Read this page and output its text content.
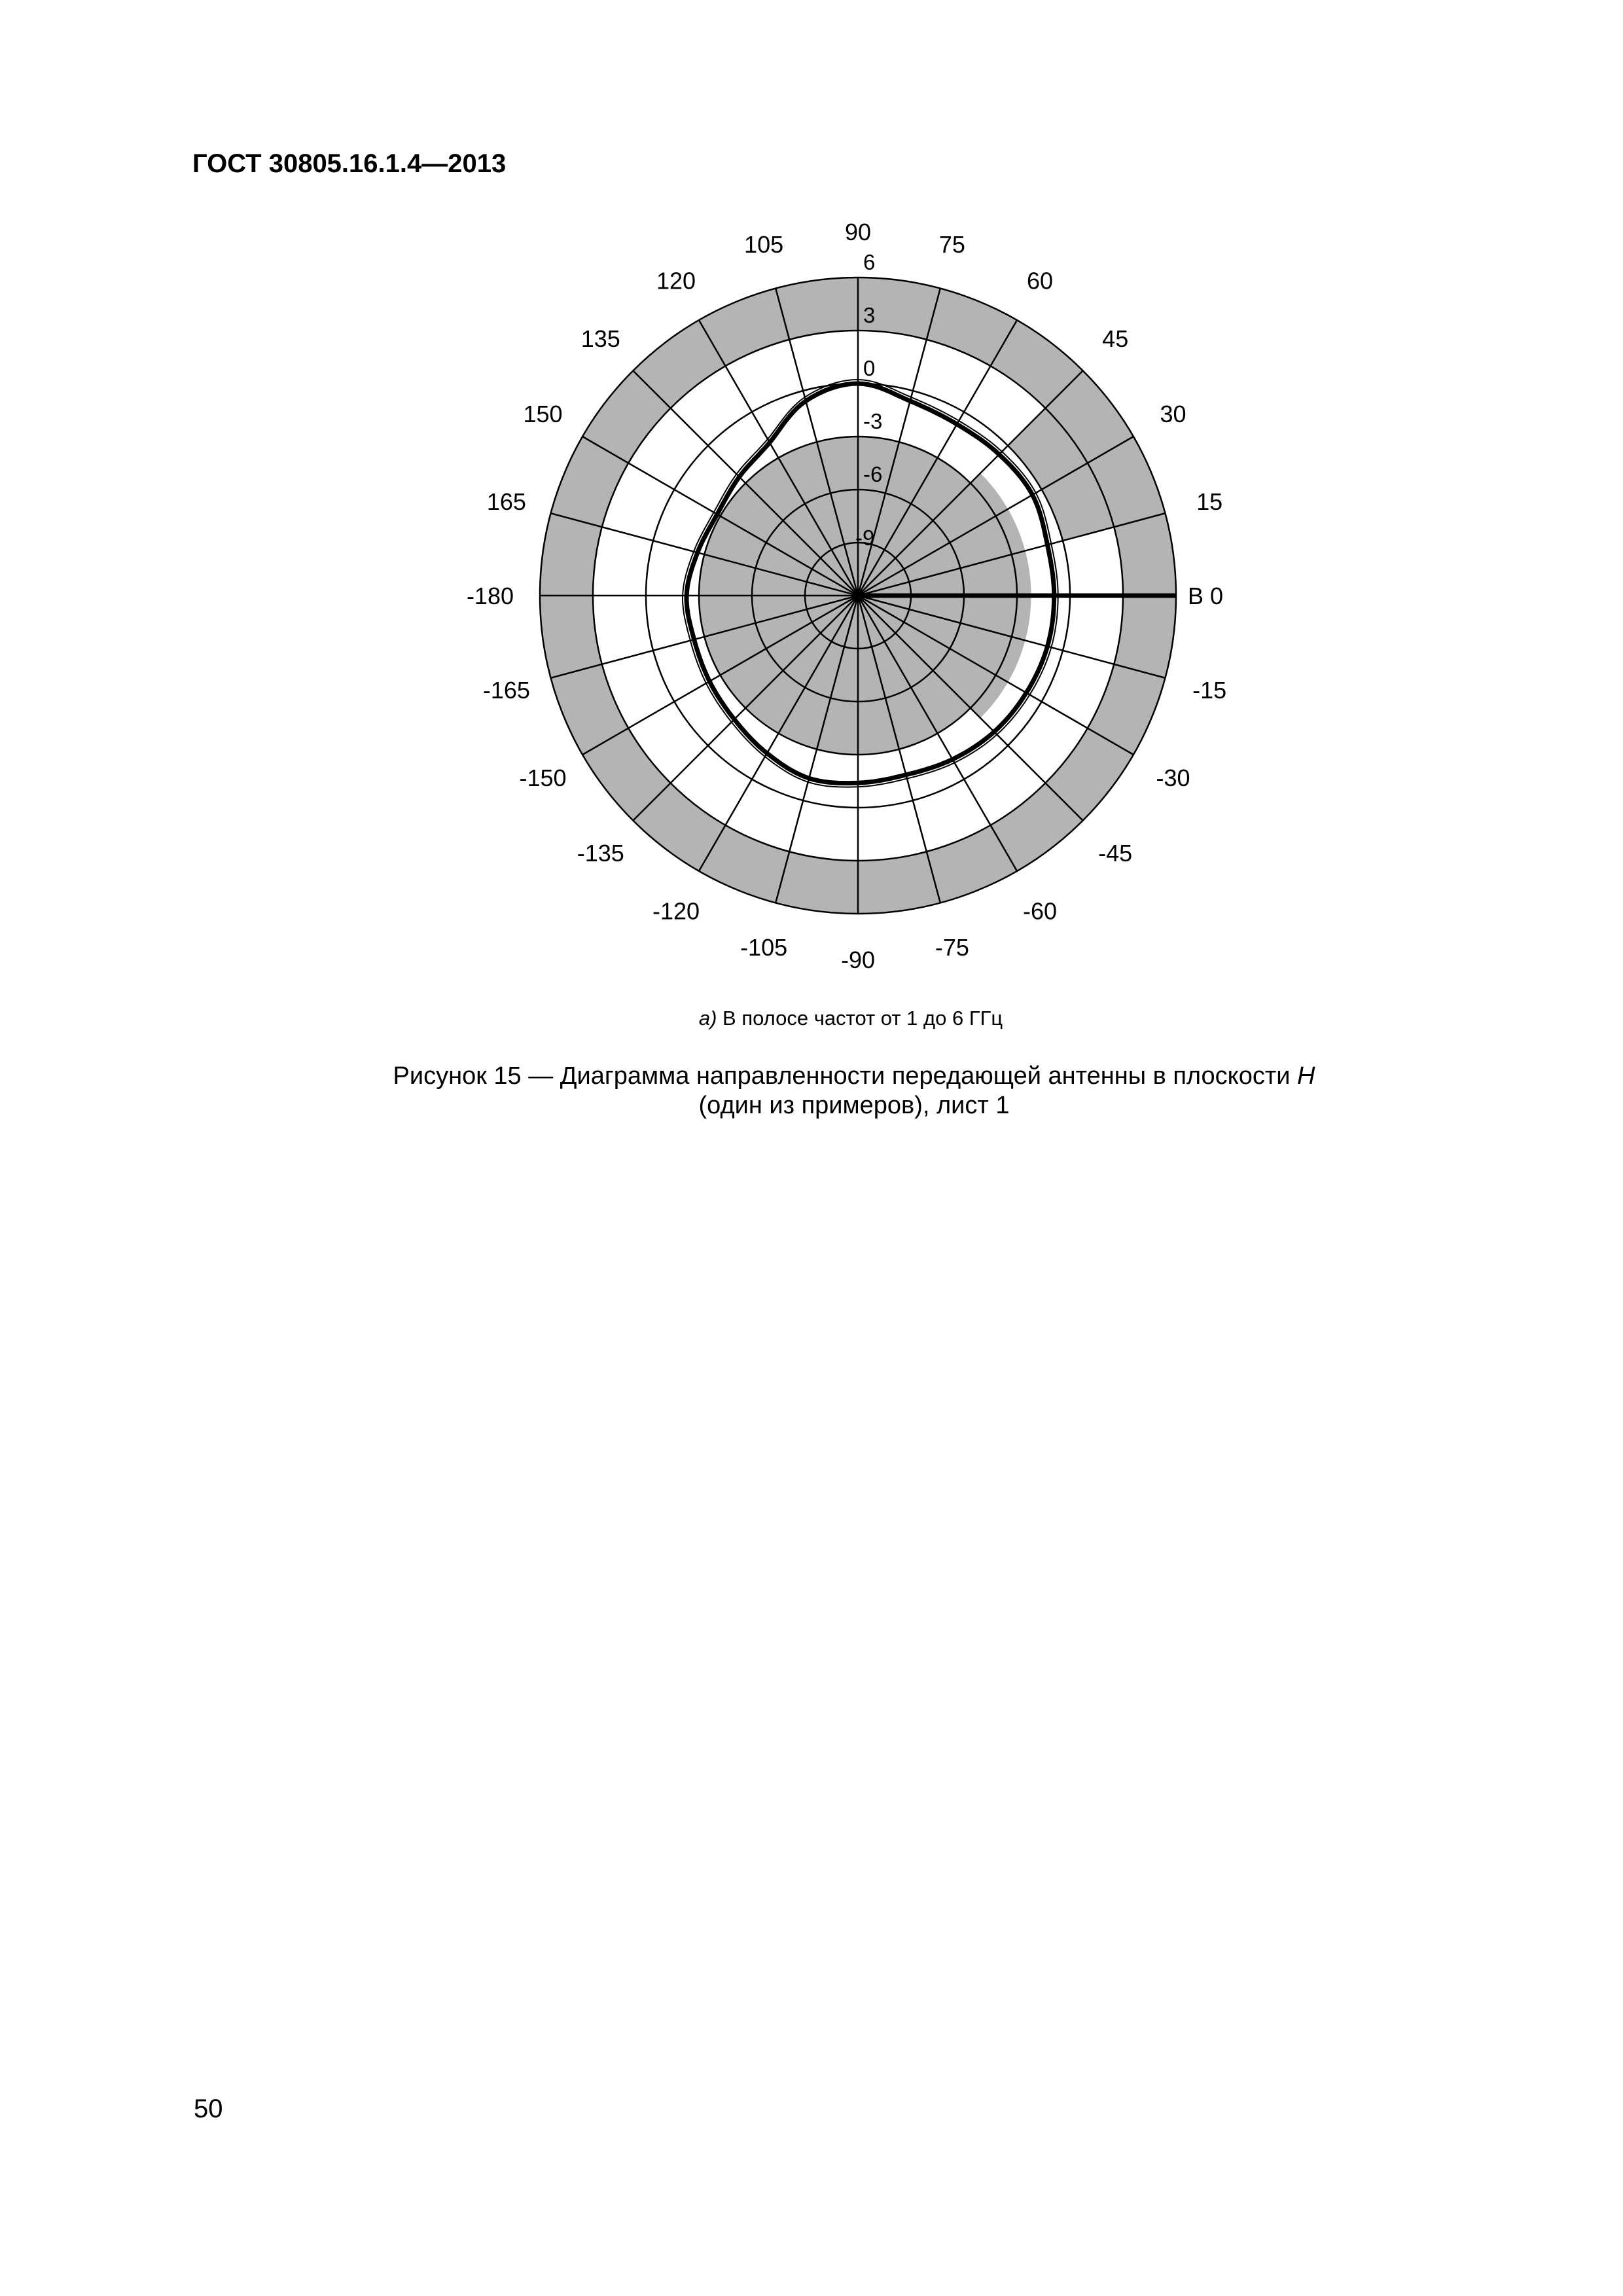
ГОСТ 30805.16.1.4—2013
90	75
60
45
30
15
В 0
-15
-30
-45
-60
-75
-90
-105
-120
-135
-150
-165
-180
165
150
135
120
105
6
3
0
-3
-6
-9
а) В полосе частот от 1 до 6 ГГц
Рисунок 15 — Диаграмма направленности передающей антенны в плоскости H
(один из примеров), лист 1
50
